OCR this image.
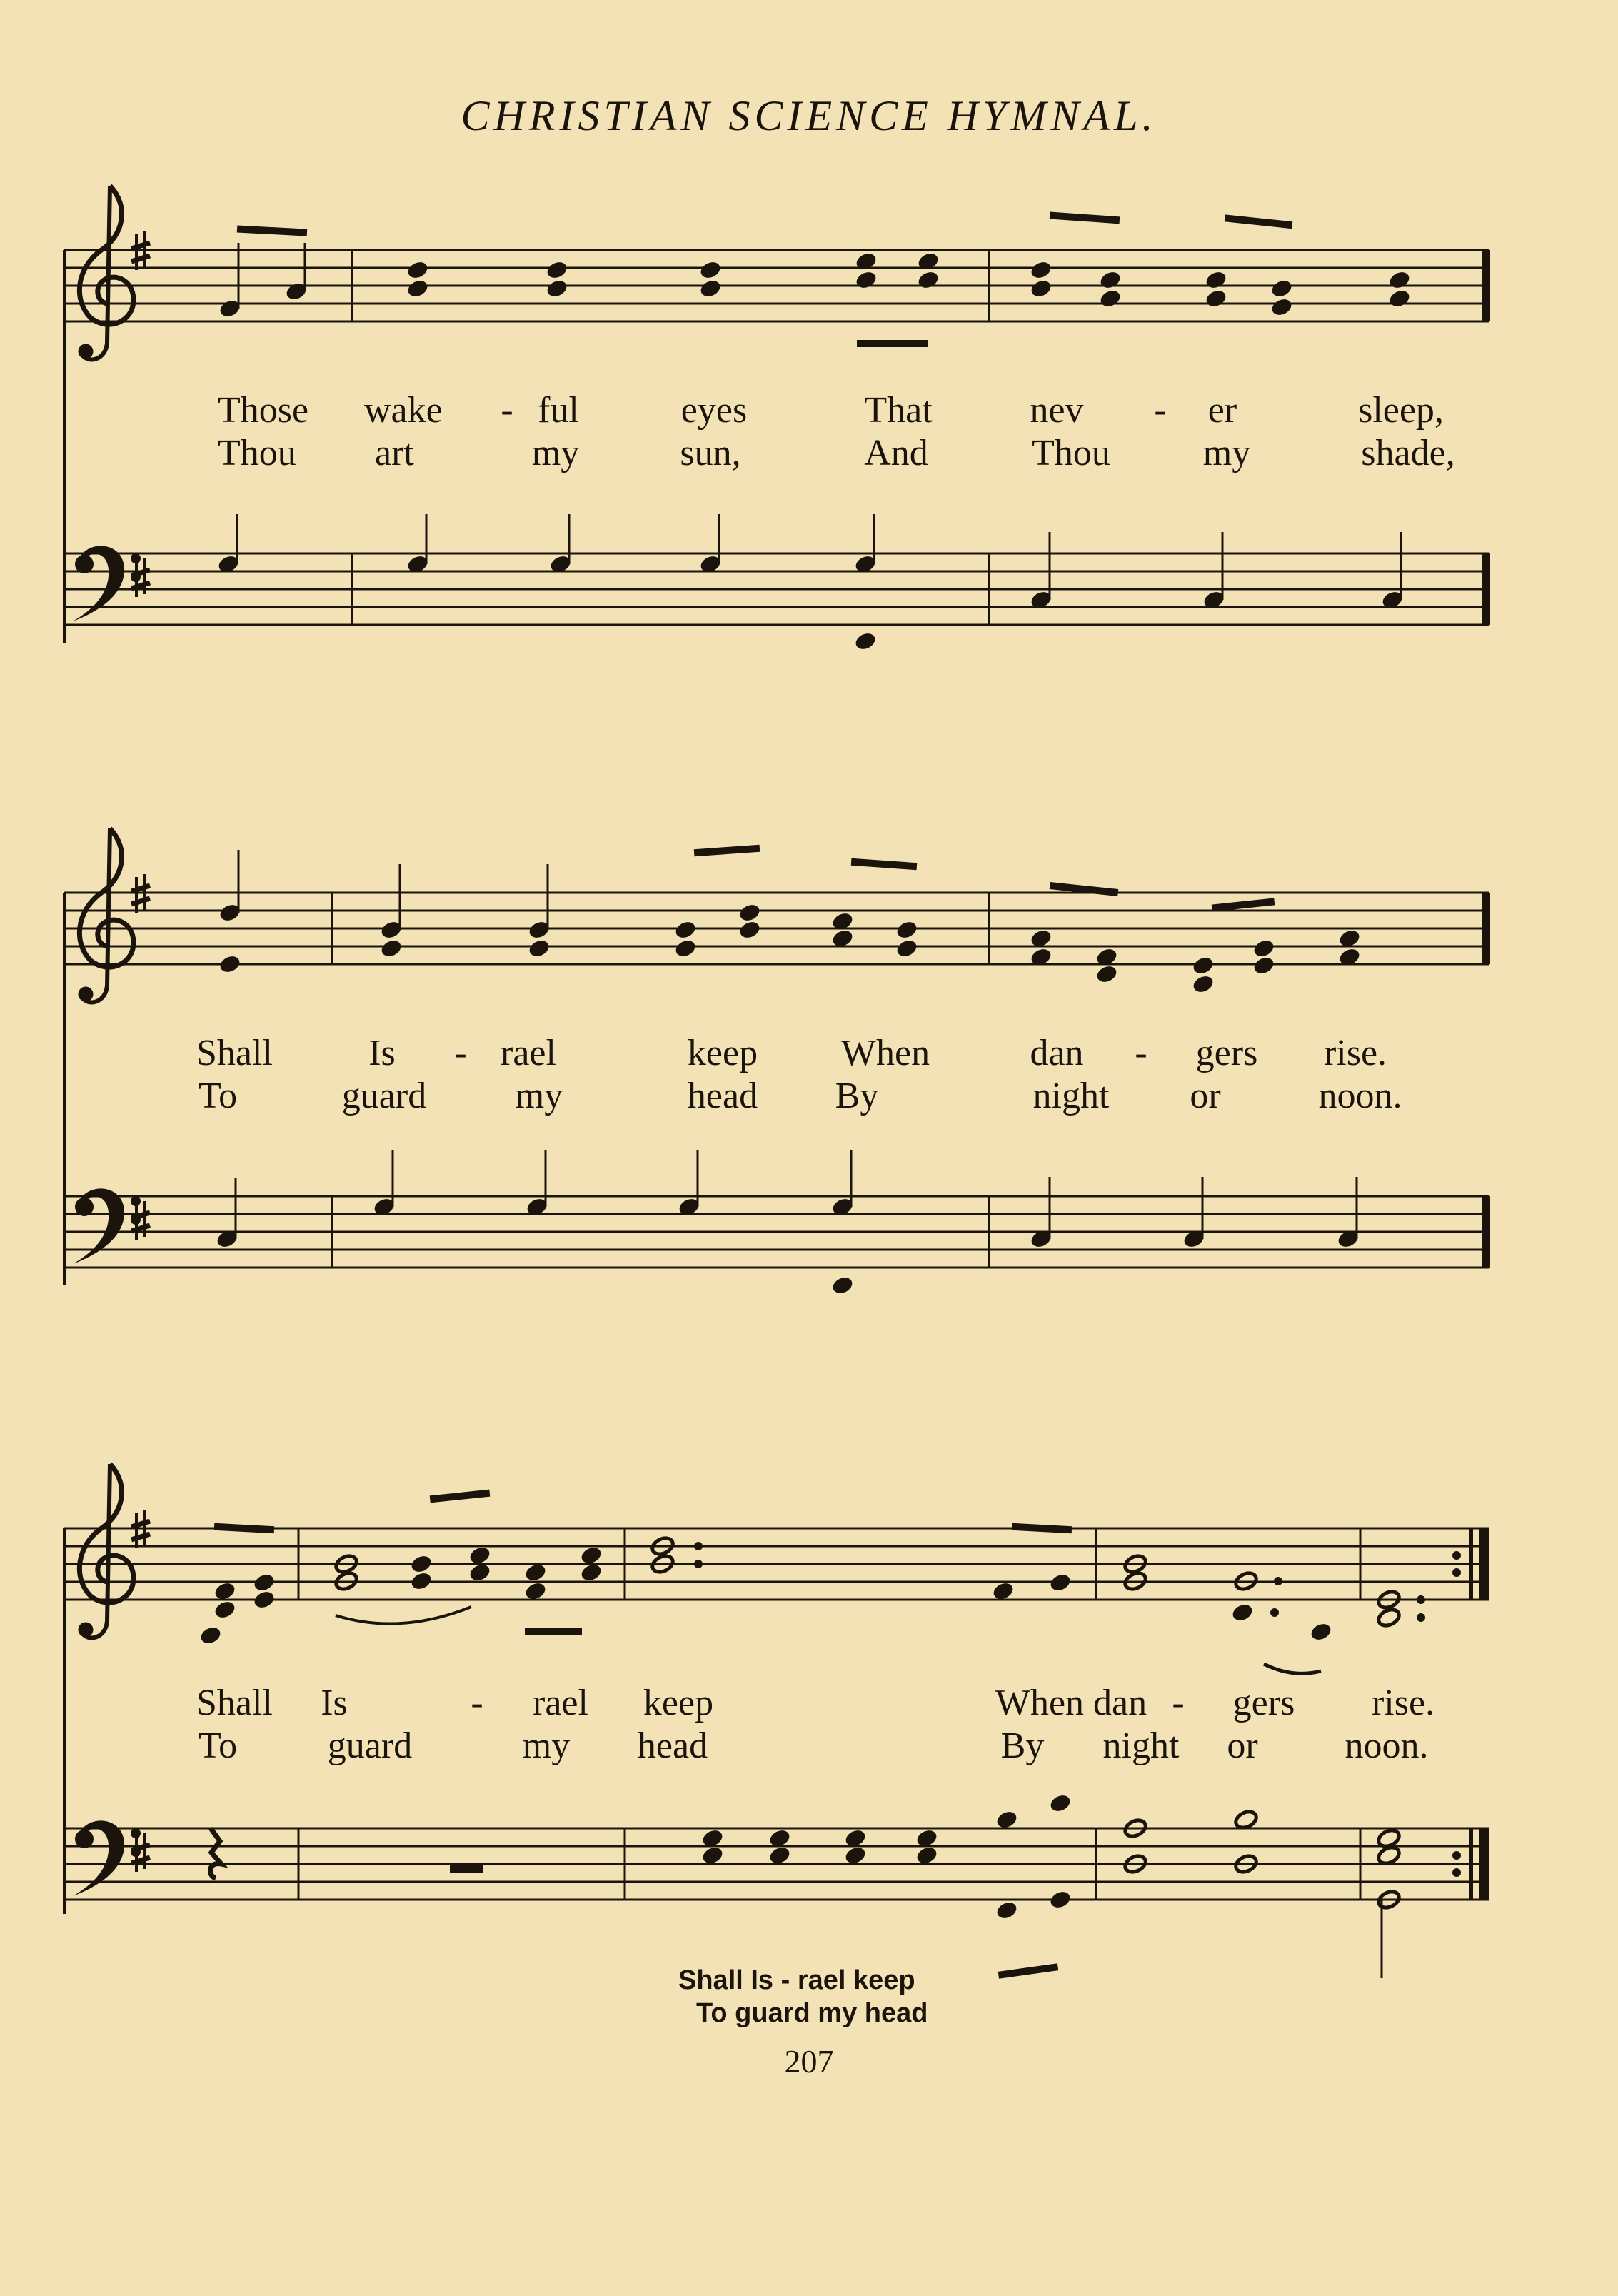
CHRISTIAN SCIENCE HYMNAL.
Those wake - ful	eyes	That	nev - er	sleep,
Thou art	my	sun,	And	Thou my	shade,
Shall	Is - rael	keep When	dan - gers rise.
To	guard my	head By	night or	noon.
Shall Is	- rael keep	When dan - gers rise.
To guard	my head	By night or noon.
Shall Is - rael keep
To guard my head
207
